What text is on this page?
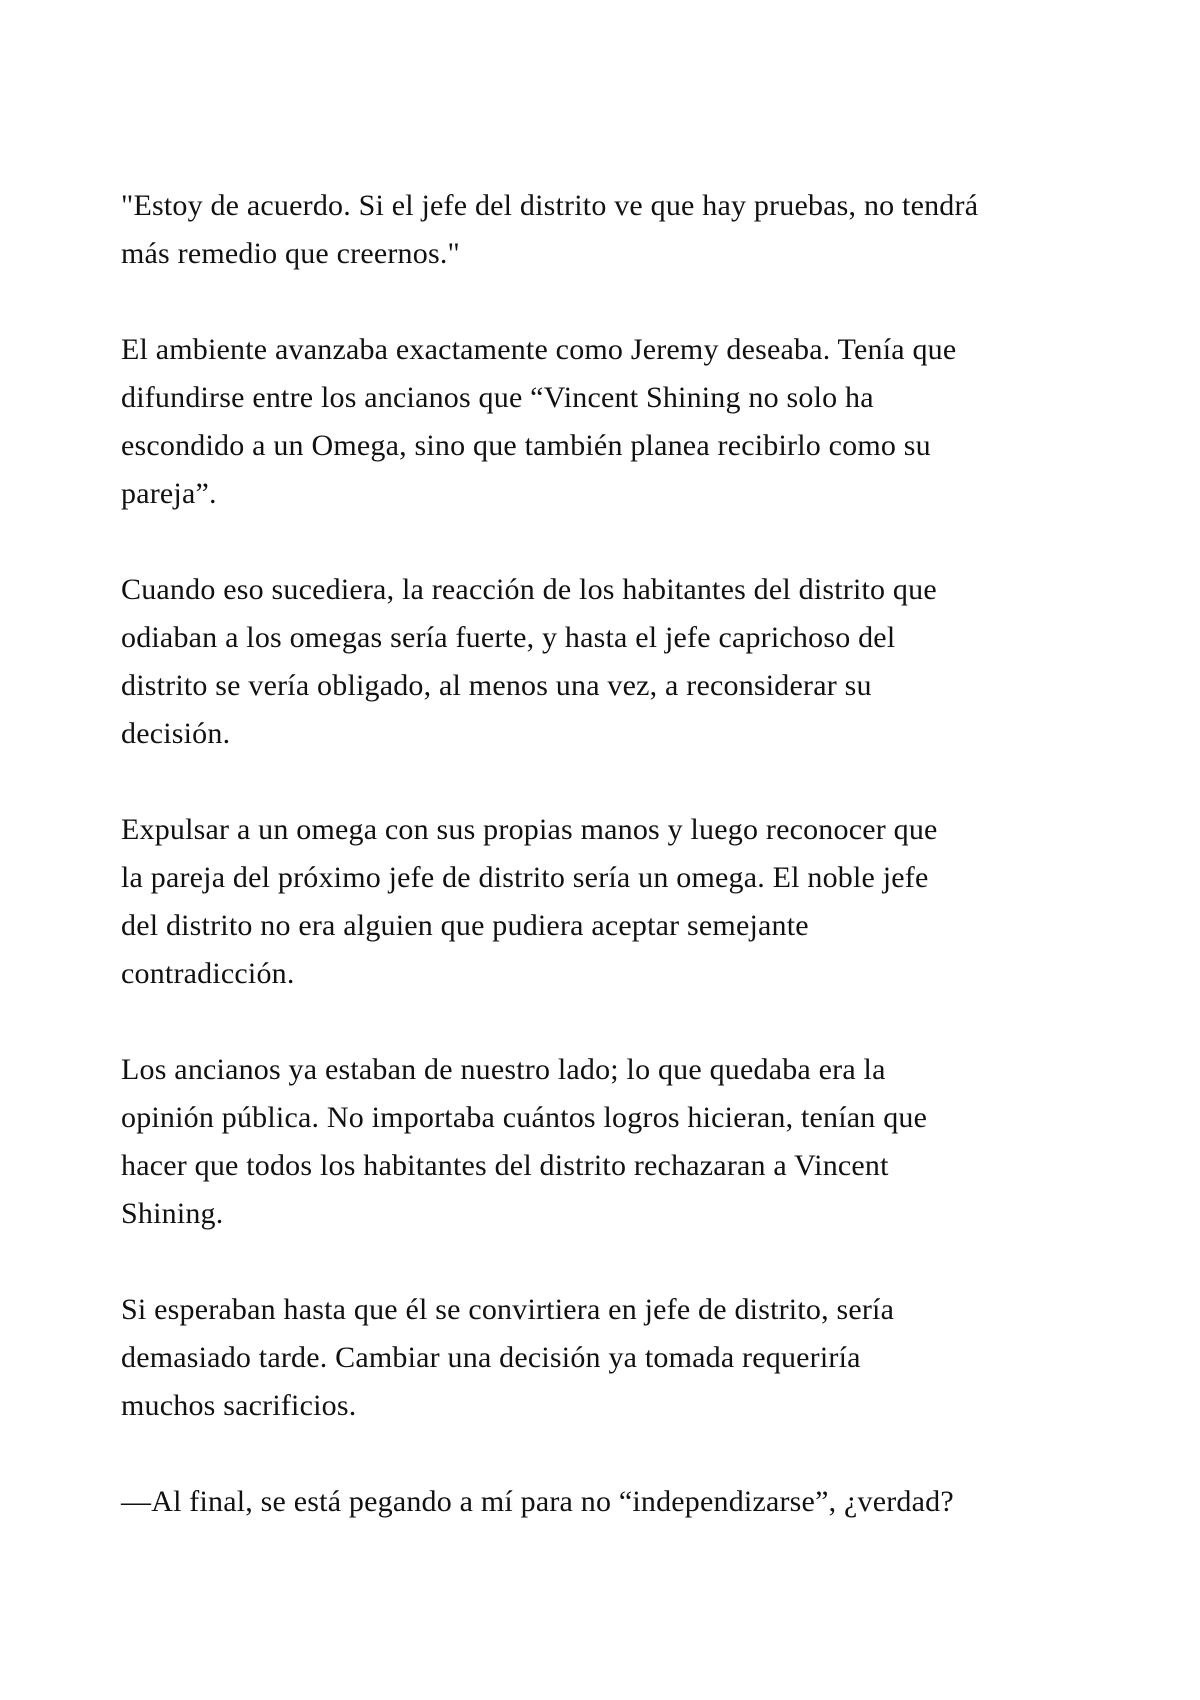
"Estoy de acuerdo. Si el jefe del distrito ve que hay pruebas, no tendrá
más remedio que creernos."

El ambiente avanzaba exactamente como Jeremy deseaba. Tenía que
difundirse entre los ancianos que “Vincent Shining no solo ha
escondido a un Omega, sino que también planea recibirlo como su
pareja”.

Cuando eso sucediera, la reacción de los habitantes del distrito que
odiaban a los omegas sería fuerte, y hasta el jefe caprichoso del
distrito se vería obligado, al menos una vez, a reconsiderar su
decisión.

Expulsar a un omega con sus propias manos y luego reconocer que
la pareja del próximo jefe de distrito sería un omega. El noble jefe
del distrito no era alguien que pudiera aceptar semejante
contradicción.

Los ancianos ya estaban de nuestro lado; lo que quedaba era la
opinión pública. No importaba cuántos logros hicieran, tenían que
hacer que todos los habitantes del distrito rechazaran a Vincent
Shining.

Si esperaban hasta que él se convirtiera en jefe de distrito, sería
demasiado tarde. Cambiar una decisión ya tomada requeriría
muchos sacrificios.

—Al final, se está pegando a mí para no “independizarse”, ¿verdad?
